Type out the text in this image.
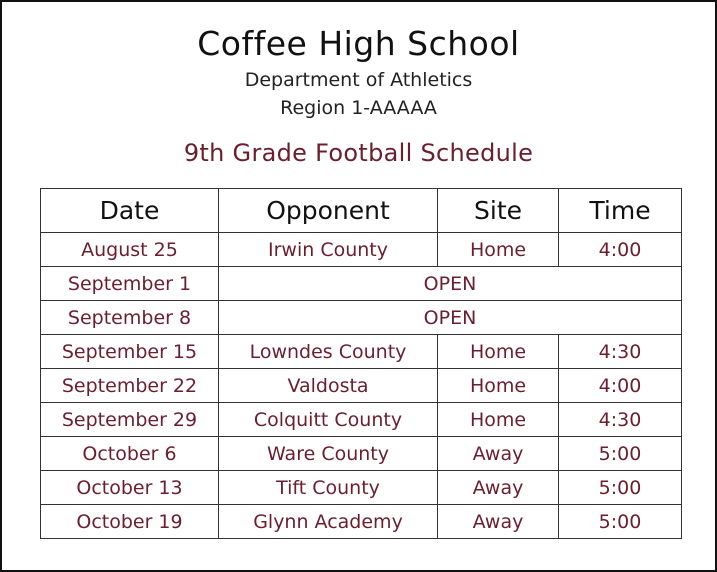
Coffee High School
Department of Athletics
Region 1-AAAAA
9th Grade Football Schedule
Date	Opponent	Site	Time
August 25	Irwin County	Home	4:00
September 1	OPEN		
September 8	OPEN		
September 15	Lowndes County	Home	4:30
September 22	Valdosta	Home	4:00
September 29	Colquitt County	Home	4:30
October 6	Ware County	Away	5:00
October 13	Tift County	Away	5:00
October 19	Glynn Academy	Away	5:00
